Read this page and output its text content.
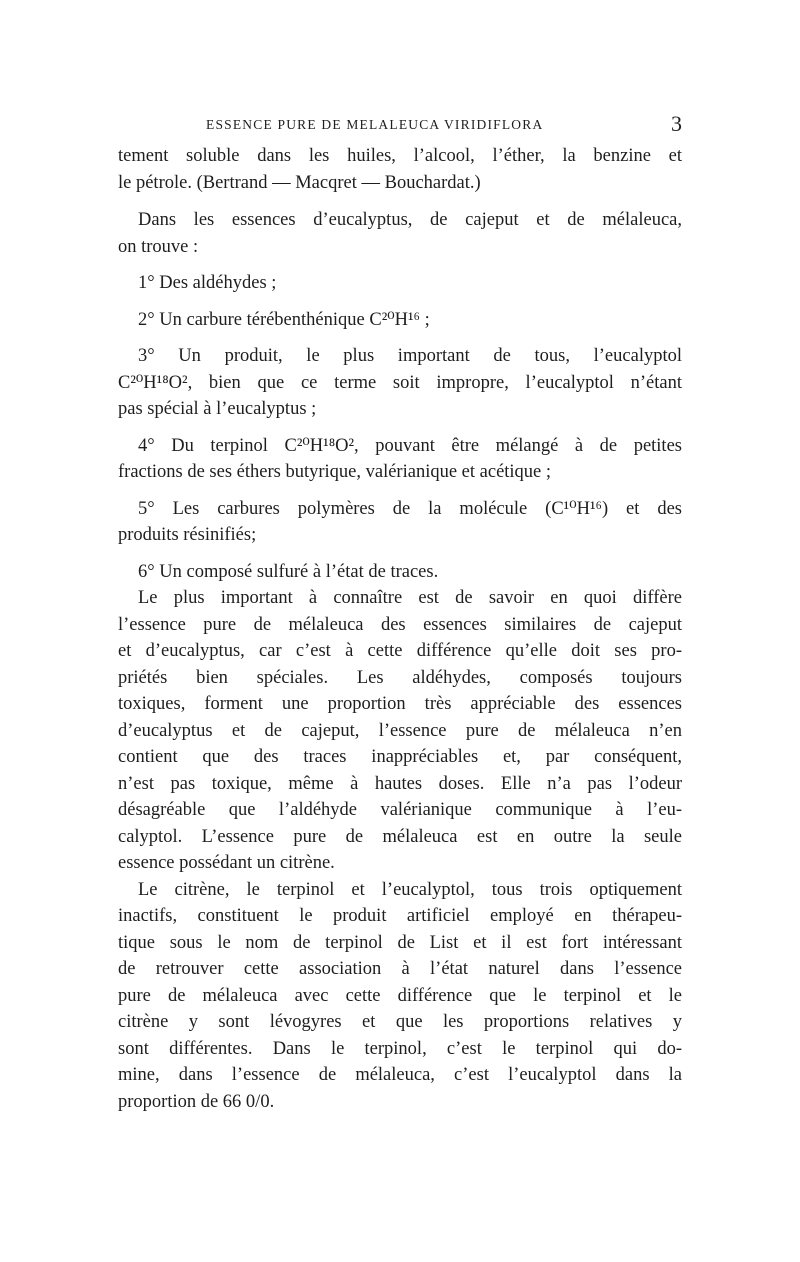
ESSENCE PURE DE MELALEUCA VIRIDIFLORA	3

tement soluble dans les huiles, l’alcool, l’éther, la benzine et
le pétrole. (Bertrand — Macqret — Bouchardat.)

Dans les essences d’eucalyptus, de cajeput et de mélaleuca,
on trouve :

1° Des aldéhydes ;

2° Un carbure térébenthénique C²⁰H¹⁶ ;

3° Un produit, le plus important de tous, l’eucalyptol
C²⁰H¹⁸O², bien que ce terme soit impropre, l’eucalyptol n’étant
pas spécial à l’eucalyptus ;

4° Du terpinol C²⁰H¹⁸O², pouvant être mélangé à de petites
fractions de ses éthers butyrique, valérianique et acétique ;

5° Les carbures polymères de la molécule (C¹⁰H¹⁶) et des
produits résinifiés;

6° Un composé sulfuré à l’état de traces.

Le plus important à connaître est de savoir en quoi diffère
l’essence pure de mélaleuca des essences similaires de cajeput
et d’eucalyptus, car c’est à cette différence qu’elle doit ses pro-
priétés bien spéciales. Les aldéhydes, composés toujours
toxiques, forment une proportion très appréciable des essences
d’eucalyptus et de cajeput, l’essence pure de mélaleuca n’en
contient que des traces inappréciables et, par conséquent,
n’est pas toxique, même à hautes doses. Elle n’a pas l’odeur
désagréable que l’aldéhyde valérianique communique à l’eu-
calyptol. L’essence pure de mélaleuca est en outre la seule
essence possédant un citrène.

Le citrène, le terpinol et l’eucalyptol, tous trois optiquement
inactifs, constituent le produit artificiel employé en thérapeu-
tique sous le nom de terpinol de List et il est fort intéressant
de retrouver cette association à l’état naturel dans l’essence
pure de mélaleuca avec cette différence que le terpinol et le
citrène y sont lévogyres et que les proportions relatives y
sont différentes. Dans le terpinol, c’est le terpinol qui do-
mine, dans l’essence de mélaleuca, c’est l’eucalyptol dans la
proportion de 66 0/0.
